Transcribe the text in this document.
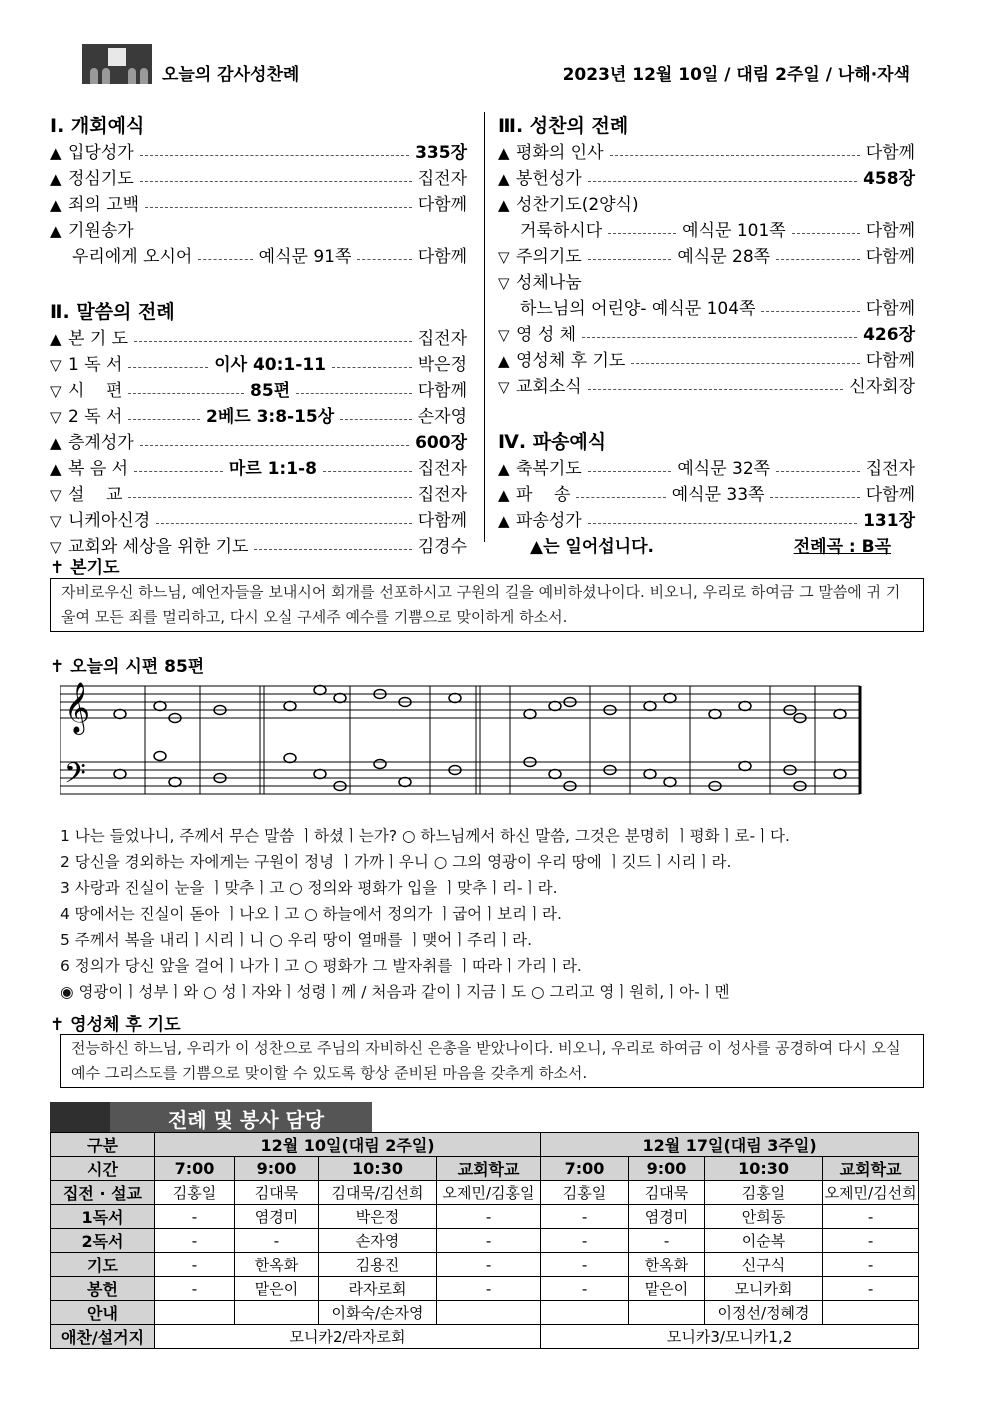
오늘의 감사성찬례	2023년 12월 10일 / 대림 2주일 / 나해·자색
Ⅰ. 개회예식
▲ 입당성가	335장
▲ 정심기도	집전자
▲ 죄의 고백	다함께
▲ 기원송가
우리에게 오시어	예식문 91쪽	다함께
Ⅱ. 말씀의 전례
▲ 본 기 도	집전자
▽ 1 독 서	이사 40:1-11	박은정
▽ 시    편	85편	다함께
▽ 2 독 서	2베드 3:8-15상	손자영
▲ 층계성가	600장
▲ 복 음 서	마르 1:1-8	집전자
▽ 설    교	집전자
▽ 니케아신경	다함께
▽ 교회와 세상을 위한 기도	김경수
Ⅲ. 성찬의 전례
▲ 평화의 인사	다함께
▲ 봉헌성가	458장
▲ 성찬기도(2양식)
거룩하시다	예식문 101쪽	다함께
▽ 주의기도	예식문 28쪽	다함께
▽ 성체나눔
하느님의 어린양- 예식문 104쪽	다함께
▽ 영 성 체	426장
▲ 영성체 후 기도	다함께
▽ 교회소식	신자회장
Ⅳ. 파송예식
▲ 축복기도	예식문 32쪽	집전자
▲ 파    송	예식문 33쪽	다함께
▲ 파송성가	131장
▲는 일어섭니다.	전례곡 : B곡
✝ 본기도
자비로우신 하느님, 예언자들을 보내시어 회개를 선포하시고 구원의 길을 예비하셨나이다. 비오니, 우리로 하여금 그 말씀에 귀 기울여 모든 죄를 멀리하고, 다시 오실 구세주 예수를 기쁨으로 맞이하게 하소서.
✝ 오늘의 시편 85편
𝄞
𝄢
1 나는 들었나니, 주께서 무슨 말씀 ㅣ하셨ㅣ는가? ○ 하느님께서 하신 말씀, 그것은 분명히 ㅣ평화ㅣ로-ㅣ다.
2 당신을 경외하는 자에게는 구원이 정녕 ㅣ가까ㅣ우니 ○ 그의 영광이 우리 땅에 ㅣ깃드ㅣ시리ㅣ라.
3 사랑과 진실이 눈을 ㅣ맞추ㅣ고 ○ 정의와 평화가 입을 ㅣ맞추ㅣ리-ㅣ라.
4 땅에서는 진실이 돋아 ㅣ나오ㅣ고 ○ 하늘에서 정의가 ㅣ굽어ㅣ보리ㅣ라.
5 주께서 복을 내리ㅣ시리ㅣ니 ○ 우리 땅이 열매를 ㅣ맺어ㅣ주리ㅣ라.
6 정의가 당신 앞을 걸어ㅣ나가ㅣ고 ○ 평화가 그 발자취를 ㅣ따라ㅣ가리ㅣ라.
◉ 영광이ㅣ성부ㅣ와 ○ 성ㅣ자와ㅣ성령ㅣ께 / 처음과 같이ㅣ지금ㅣ도 ○ 그리고 영ㅣ원히,ㅣ아-ㅣ멘
✝ 영성체 후 기도
전능하신 하느님, 우리가 이 성찬으로 주님의 자비하신 은총을 받았나이다. 비오니, 우리로 하여금 이 성사를 공경하여 다시 오실 예수 그리스도를 기쁨으로 맞이할 수 있도록 항상 준비된 마음을 갖추게 하소서.
전례 및 봉사 담당
구분	12월 10일(대림 2주일)				12월 17일(대림 3주일)			
시간	7:00	9:00	10:30	교회학교	7:00	9:00	10:30	교회학교
집전 · 설교	김홍일	김대묵	김대묵/김선희	오제민/김홍일	김홍일	김대묵	김홍일	오제민/김선희
1독서	-	염경미	박은정	-	-	염경미	안희동	-
2독서	-	-	손자영	-	-	-	이순복	-
기도	-	한옥화	김용진	-	-	한옥화	신구식	-
봉헌	-	맡은이	라자로회	-	-	맡은이	모니카회	-
안내			이화숙/손자영				이정선/정혜경	
애찬/설거지	모니카2/라자로회				모니카3/모니카1,2			
